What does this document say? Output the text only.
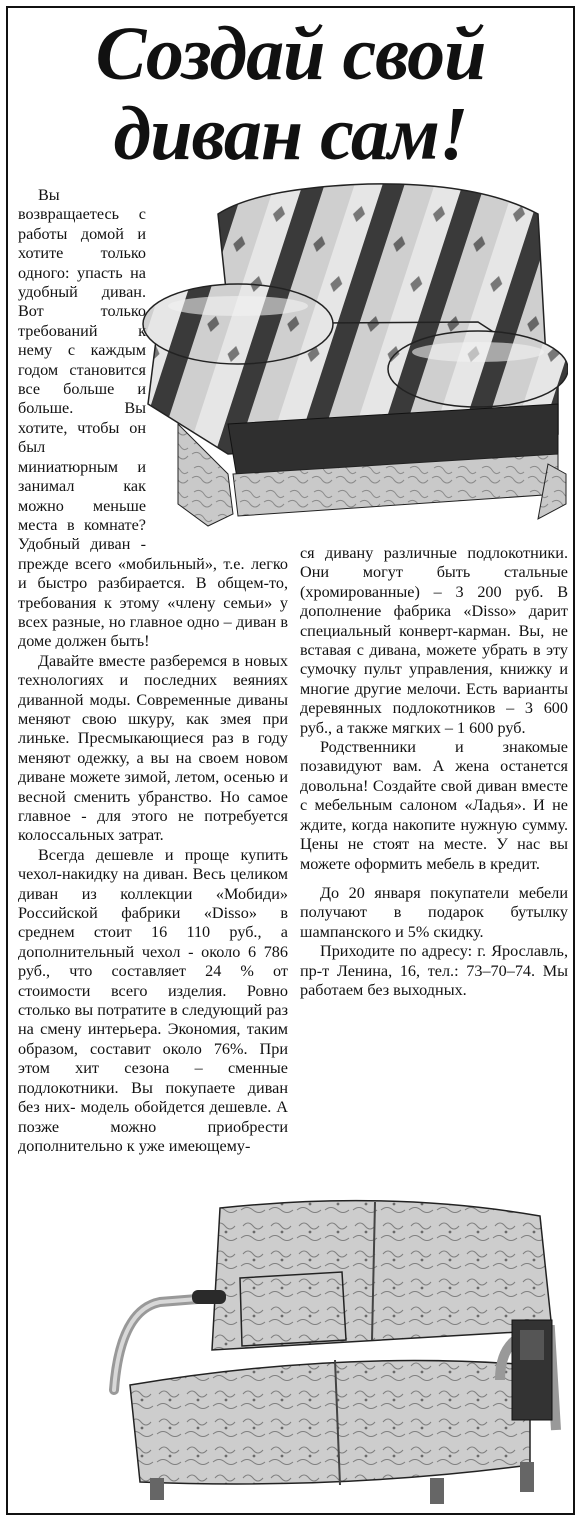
Создай свой
диван сам!

Вы возвращаетесь с работы домой и хотите только одного: упасть на удобный диван. Вот только требований к нему с каждым годом становится все больше и больше. Вы хотите, чтобы он был миниатюрным и занимал как можно меньше места в комнате? Удобный диван - прежде всего «мобильный», т.е. легко и быстро разбирается. В общем-то, требования к этому «члену семьи» у всех разные, но главное одно – диван в доме должен быть!

Давайте вместе разберемся в новых технологиях и последних веяниях диванной моды. Современные диваны меняют свою шкуру, как змея при линьке. Пресмыкающиеся раз в году меняют одежку, а вы на своем новом диване можете зимой, летом, осенью и весной сменить убранство. Но самое главное - для этого не потребуется колоссальных затрат.

Всегда дешевле и проще купить чехол-накидку на диван. Весь целиком диван из коллекции «Мобиди» Российской фабрики «Disso» в среднем стоит 16 110 руб., а дополнительный чехол - около 6 786 руб., что составляет 24 % от стоимости всего изделия. Ровно столько вы потратите в следующий раз на смену интерьера. Экономия, таким образом, составит около 76%. При этом хит сезона – сменные подлокотники. Вы покупаете диван без них- модель обойдется дешевле. А позже можно приобрести дополнительно к уже имеющему-

ся дивану различные подлокотники. Они могут быть стальные (хромированные) – 3 200 руб. В дополнение фабрика «Disso» дарит специальный конверт-карман. Вы, не вставая с дивана, можете убрать в эту сумочку пульт управления, книжку и многие другие мелочи. Есть варианты деревянных подлокотников – 3 600 руб., а также мягких – 1 600 руб.

Родственники и знакомые позавидуют вам. А жена останется довольна! Создайте свой диван вместе с мебельным салоном «Ладья». И не ждите, когда накопите нужную сумму. Цены не стоят на месте. У нас вы можете оформить мебель в кредит.

До 20 января покупатели мебели получают в подарок бутылку шампанского и 5% скидку.

Приходите по адресу: г. Ярославль, пр-т Ленина, 16, тел.: 73–70–74. Мы работаем без выходных.
